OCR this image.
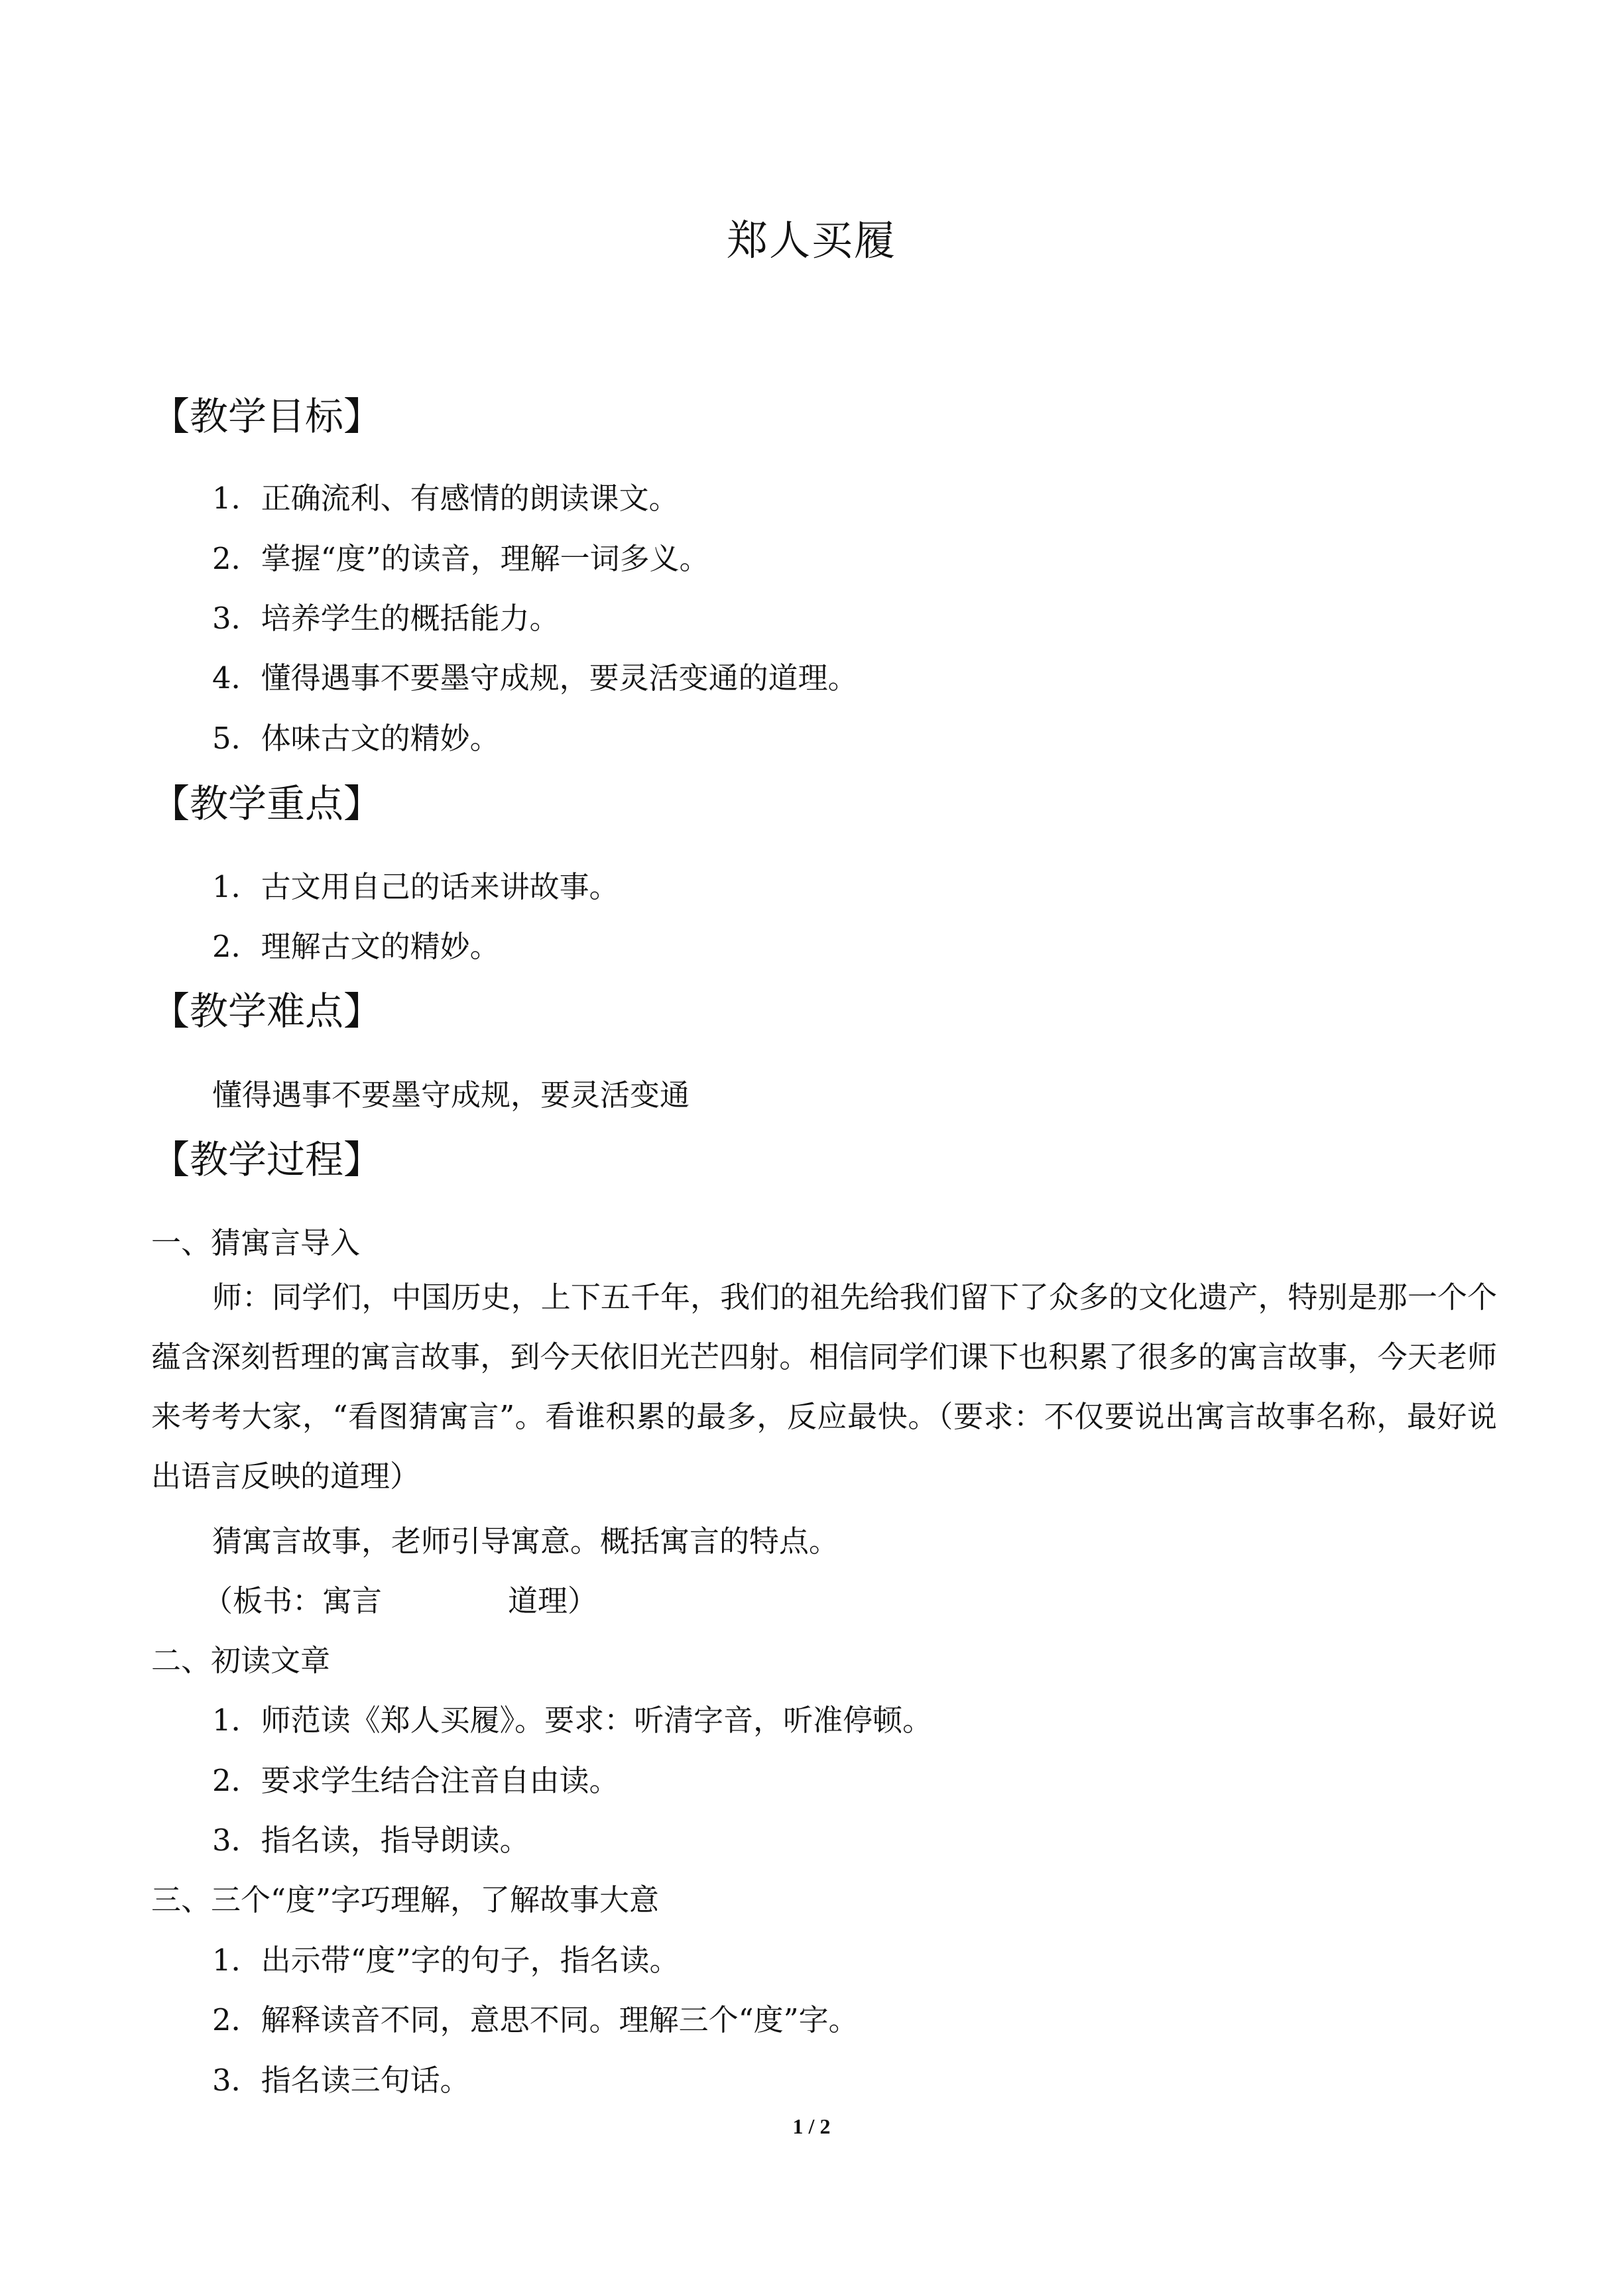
郑人买履
【教学目标】
1．正确流利、有感情的朗读课文。
2．掌握“度”的读音，理解一词多义。
3．培养学生的概括能力。
4．懂得遇事不要墨守成规，要灵活变通的道理。
5．体味古文的精妙。
【教学重点】
1．古文用自己的话来讲故事。
2．理解古文的精妙。
【教学难点】
懂得遇事不要墨守成规，要灵活变通
【教学过程】
一、猜寓言导入
师：同学们，中国历史，上下五千年，我们的祖先给我们留下了众多的文化遗产，特别是那一个个蕴含深刻哲理的寓言故事，到今天依旧光芒四射。相信同学们课下也积累了很多的寓言故事，今天老师来考考大家，“看图猜寓言”。看谁积累的最多，反应最快。（要求：不仅要说出寓言故事名称，最好说出语言反映的道理）
猜寓言故事，老师引导寓意。概括寓言的特点。
（板书：寓言	道理）
二、初读文章
1．师范读《郑人买履》。要求：听清字音，听准停顿。
2．要求学生结合注音自由读。
3．指名读，指导朗读。
三、三个“度”字巧理解，了解故事大意
1．出示带“度”字的句子，指名读。
2．解释读音不同，意思不同。理解三个“度”字。
3．指名读三句话。
1 / 2
